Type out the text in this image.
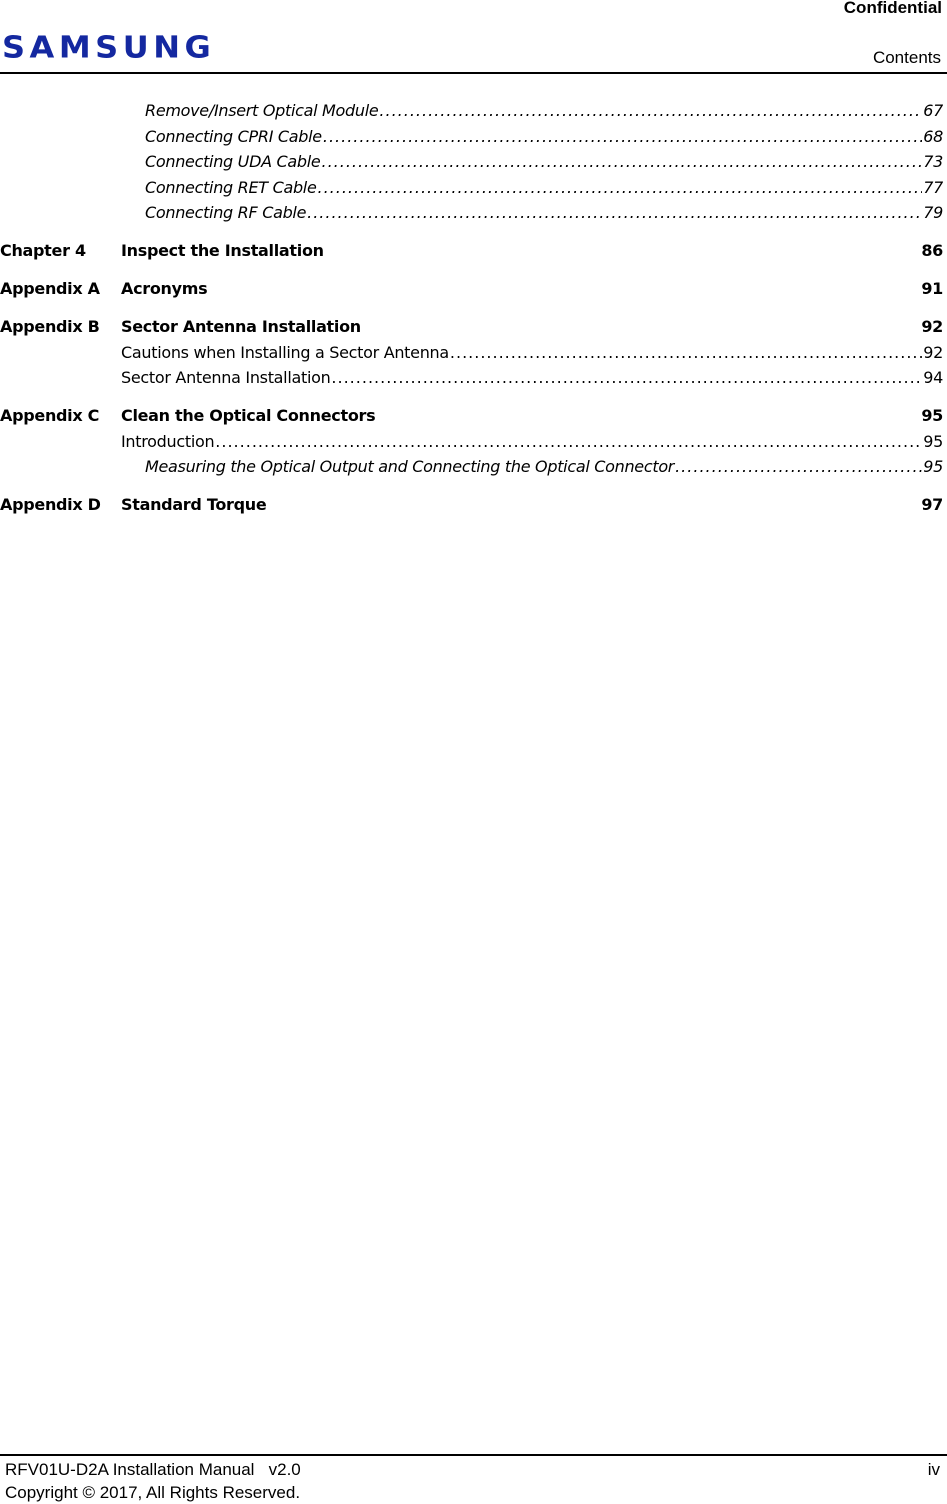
Confidential
SAMSUNG	Contents
Remove/Insert Optical Module .....	67
Connecting CPRI Cable .....	68
Connecting UDA Cable .....	73
Connecting RET Cable .....	77
Connecting RF Cable .....	79
Chapter 4	Inspect the Installation	86
Appendix A	Acronyms	91
Appendix B	Sector Antenna Installation	92
Cautions when Installing a Sector Antenna .....	92
Sector Antenna Installation .....	94
Appendix C	Clean the Optical Connectors	95
Introduction .....	95
Measuring the Optical Output and Connecting the Optical Connector .....	95
Appendix D	Standard Torque	97
RFV01U-D2A Installation Manual   v2.0
Copyright © 2017, All Rights Reserved.
iv
